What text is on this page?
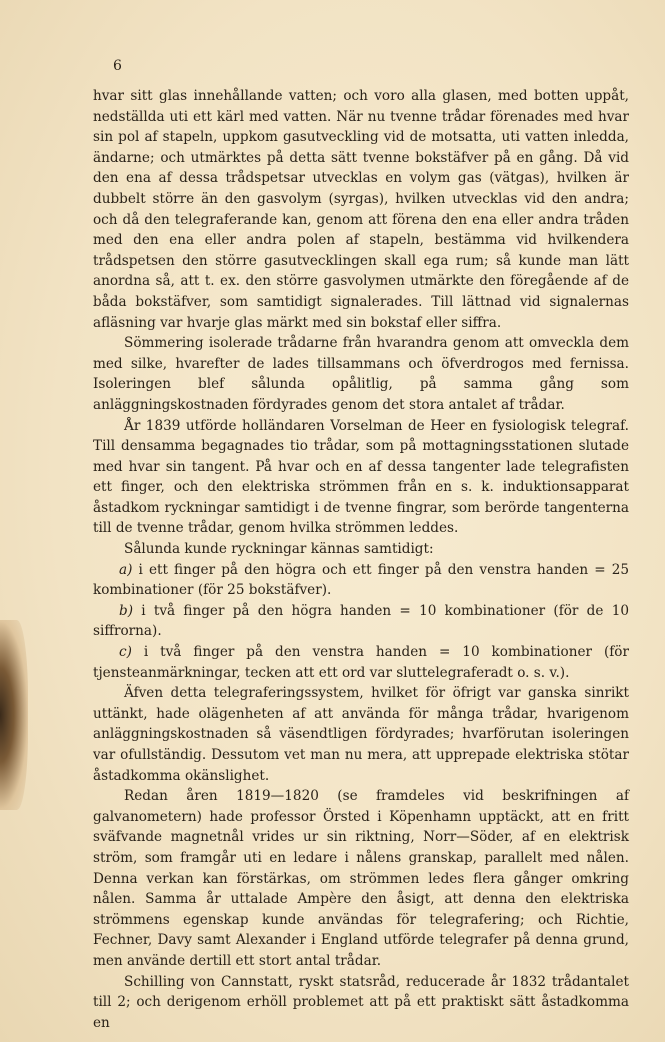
6

hvar sitt glas innehållande vatten; och voro alla glasen, med botten uppåt, nedställda uti ett kärl med vatten. När nu tvenne trådar förenades med hvar sin pol af stapeln, uppkom gasutveckling vid de motsatta, uti vatten inledda, ändarne; och utmärktes på detta sätt tvenne bokstäfver på en gång. Då vid den ena af dessa trådspetsar utvecklas en volym gas (vätgas), hvilken är dubbelt större än den gasvolym (syrgas), hvilken utvecklas vid den andra; och då den telegraferande kan, genom att förena den ena eller andra tråden med den ena eller andra polen af stapeln, bestämma vid hvilkendera trådspetsen den större gasutvecklingen skall ega rum; så kunde man lätt anordna så, att t. ex. den större gasvolymen utmärkte den föregående af de båda bokstäfver, som samtidigt signalerades. Till lättnad vid signalernas afläsning var hvarje glas märkt med sin bokstaf eller siffra.

Sömmering isolerade trådarne från hvarandra genom att omveckla dem med silke, hvarefter de lades tillsammans och öfverdrogos med fernissa. Isoleringen blef sålunda opålitlig, på samma gång som anläggningskostnaden fördyrades genom det stora antalet af trådar.

År 1839 utförde holländaren Vorselman de Heer en fysiologisk telegraf. Till densamma begagnades tio trådar, som på mottagningsstationen slutade med hvar sin tangent. På hvar och en af dessa tangenter lade telegrafisten ett finger, och den elektriska strömmen från en s. k. induktionsapparat åstadkom ryckningar samtidigt i de tvenne fingrar, som berörde tangenterna till de tvenne trådar, genom hvilka strömmen leddes.

Sålunda kunde ryckningar kännas samtidigt:

a) i ett finger på den högra och ett finger på den venstra handen = 25 kombinationer (för 25 bokstäfver).

b) i två finger på den högra handen = 10 kombinationer (för de 10 siffrorna).

c) i två finger på den venstra handen = 10 kombinationer (för tjensteanmärkningar, tecken att ett ord var sluttelegraferadt o. s. v.).

Äfven detta telegraferingssystem, hvilket för öfrigt var ganska sinrikt uttänkt, hade olägenheten af att använda för många trådar, hvarigenom anläggningskostnaden så väsendtligen fördyrades; hvarförutan isoleringen var ofullständig. Dessutom vet man nu mera, att upprepade elektriska stötar åstadkomma okänslighet.

Redan åren 1819—1820 (se framdeles vid beskrifningen af galvanometern) hade professor Örsted i Köpenhamn upptäckt, att en fritt sväfvande magnetnål vrides ur sin riktning, Norr—Söder, af en elektrisk ström, som framgår uti en ledare i nålens granskap, parallelt med nålen. Denna verkan kan förstärkas, om strömmen ledes flera gånger omkring nålen. Samma år uttalade Ampère den åsigt, att denna den elektriska strömmens egenskap kunde användas för telegrafering; och Richtie, Fechner, Davy samt Alexander i England utförde telegrafer på denna grund, men använde dertill ett stort antal trådar.

Schilling von Cannstatt, ryskt statsråd, reducerade år 1832 trådantalet till 2; och derigenom erhöll problemet att på ett praktiskt sätt åstadkomma en
